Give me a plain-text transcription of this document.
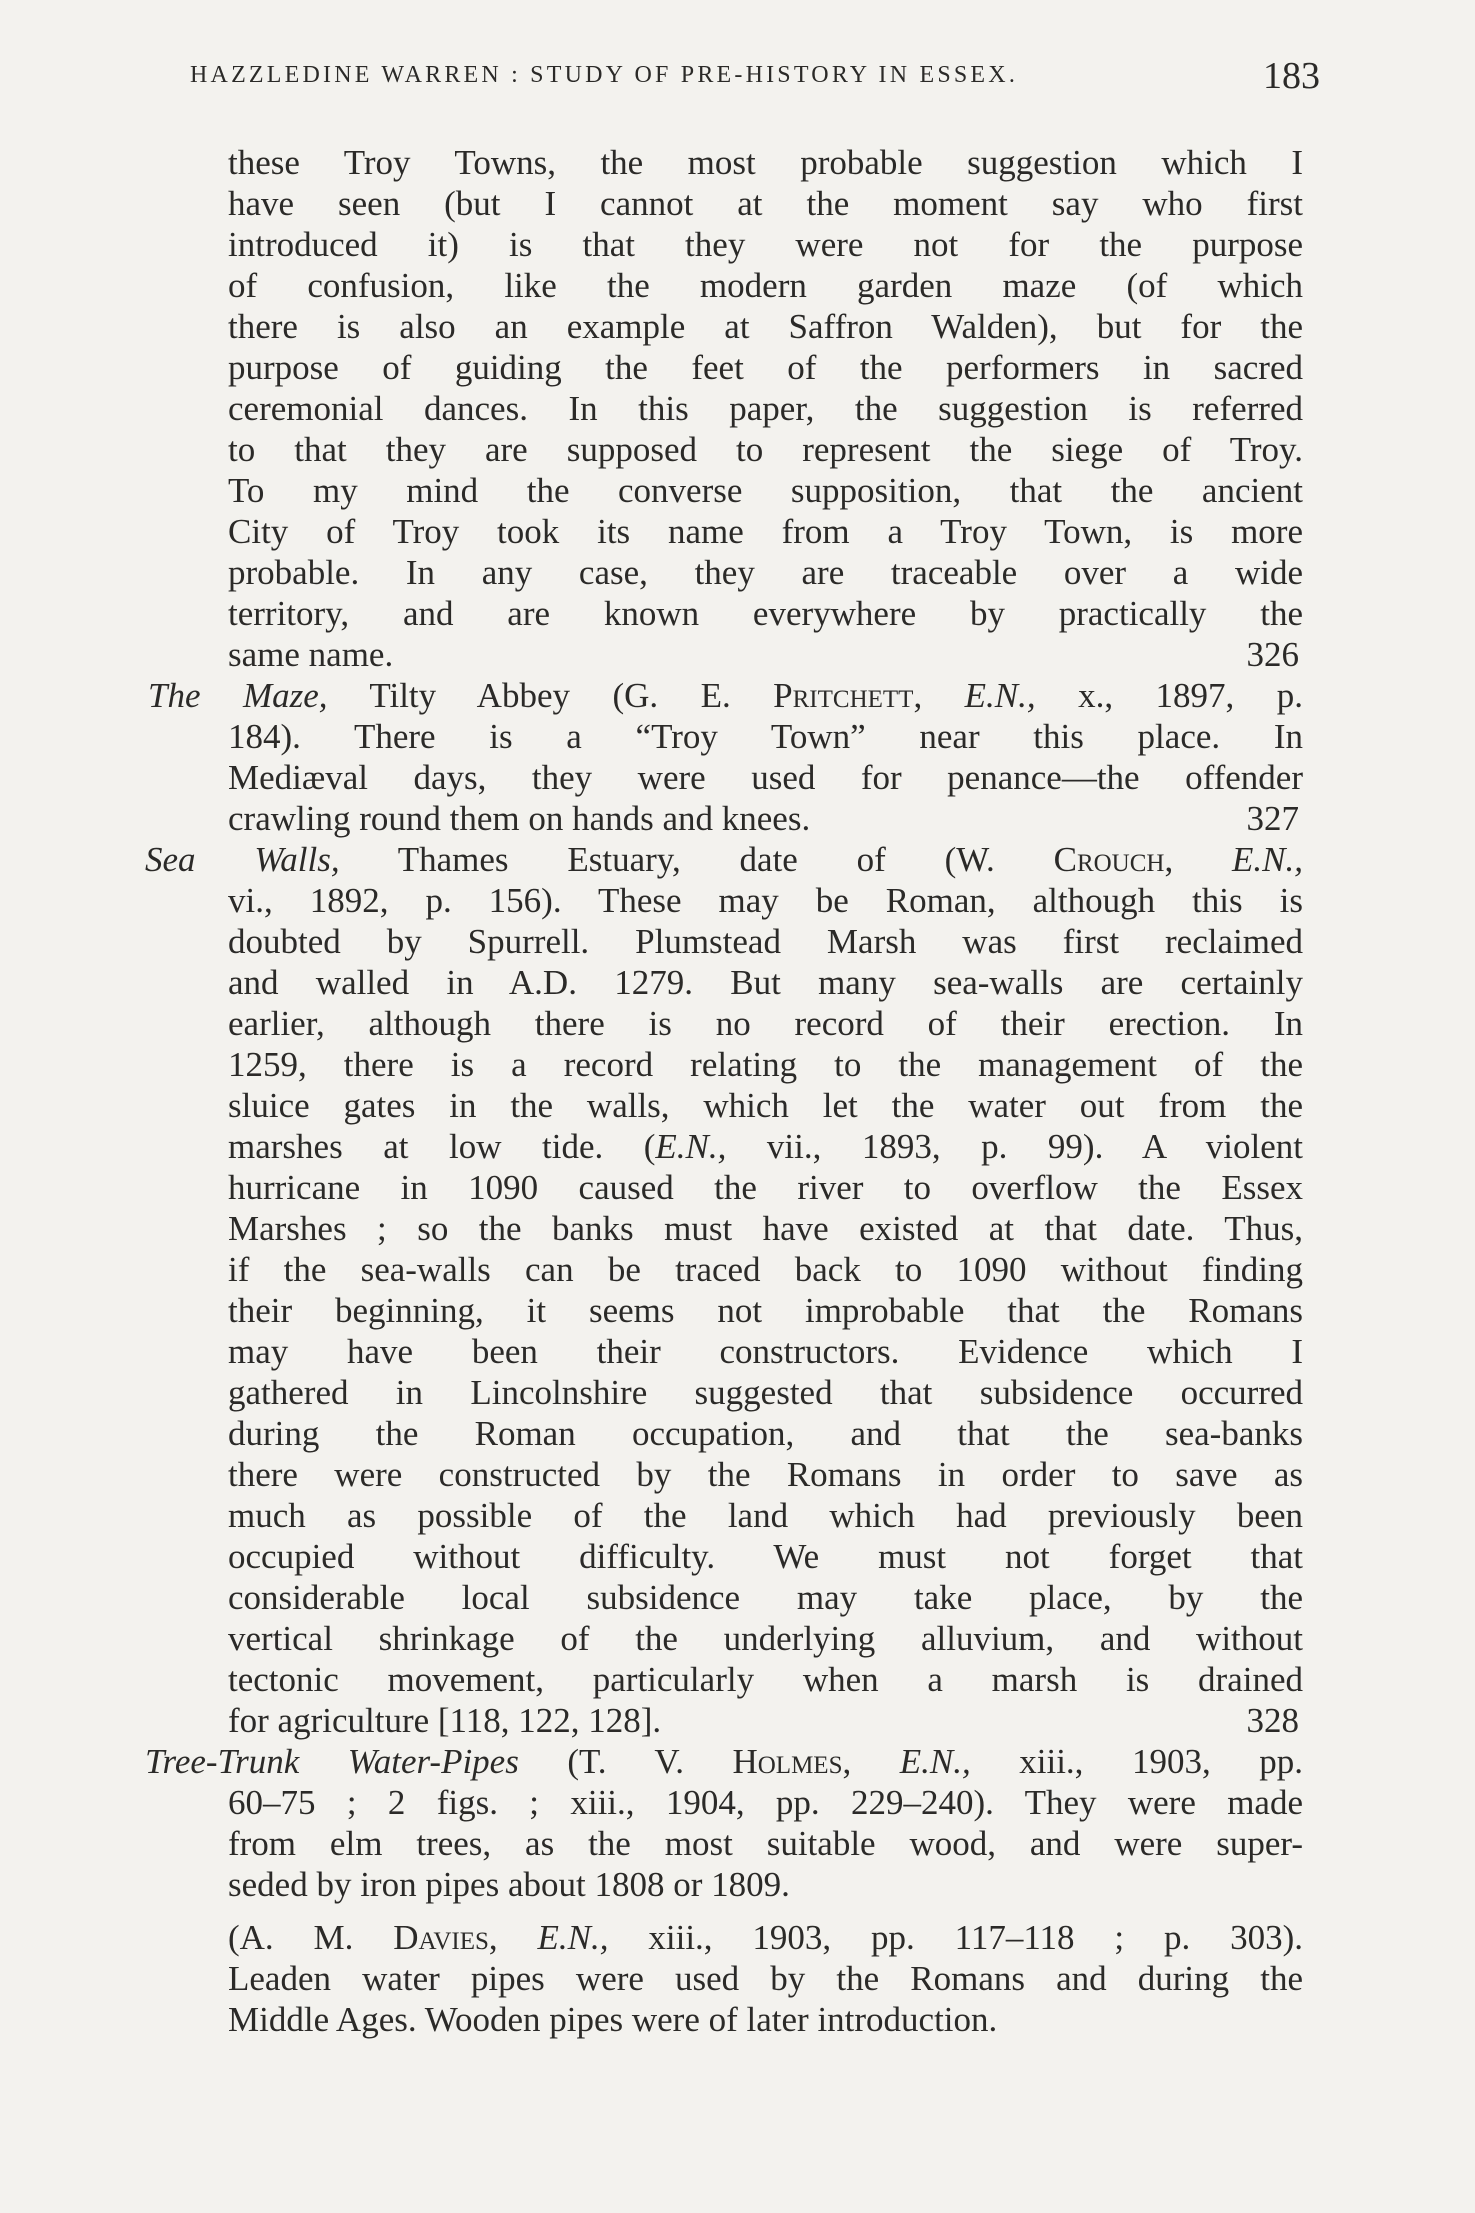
HAZZLEDINE WARREN : STUDY OF PRE-HISTORY IN ESSEX.	183
these Troy Towns, the most probable suggestion which I
have seen (but I cannot at the moment say who first
introduced it) is that they were not for the purpose
of confusion, like the modern garden maze (of which
there is also an example at Saffron Walden), but for the
purpose of guiding the feet of the performers in sacred
ceremonial dances. In this paper, the suggestion is referred
to that they are supposed to represent the siege of Troy.
To my mind the converse supposition, that the ancient
City of Troy took its name from a Troy Town, is more
probable. In any case, they are traceable over a wide
territory, and are known everywhere by practically the
same name.	326
The Maze, Tilty Abbey (G. E. Pritchett, E.N., x., 1897, p.
184). There is a “Troy Town” near this place. In
Mediæval days, they were used for penance—the offender
crawling round them on hands and knees.	327
Sea Walls, Thames Estuary, date of (W. Crouch, E.N.,
vi., 1892, p. 156). These may be Roman, although this is
doubted by Spurrell. Plumstead Marsh was first reclaimed
and walled in A.D. 1279. But many sea-walls are certainly
earlier, although there is no record of their erection. In
1259, there is a record relating to the management of the
sluice gates in the walls, which let the water out from the
marshes at low tide. (E.N., vii., 1893, p. 99). A violent
hurricane in 1090 caused the river to overflow the Essex
Marshes ; so the banks must have existed at that date. Thus,
if the sea-walls can be traced back to 1090 without finding
their beginning, it seems not improbable that the Romans
may have been their constructors. Evidence which I
gathered in Lincolnshire suggested that subsidence occurred
during the Roman occupation, and that the sea-banks
there were constructed by the Romans in order to save as
much as possible of the land which had previously been
occupied without difficulty. We must not forget that
considerable local subsidence may take place, by the
vertical shrinkage of the underlying alluvium, and without
tectonic movement, particularly when a marsh is drained
for agriculture [118, 122, 128].	328
Tree-Trunk Water-Pipes (T. V. Holmes, E.N., xiii., 1903, pp.
60–75 ; 2 figs. ; xiii., 1904, pp. 229–240). They were made
from elm trees, as the most suitable wood, and were super-
seded by iron pipes about 1808 or 1809.
(A. M. Davies, E.N., xiii., 1903, pp. 117–118 ; p. 303).
Leaden water pipes were used by the Romans and during the
Middle Ages. Wooden pipes were of later introduction.
